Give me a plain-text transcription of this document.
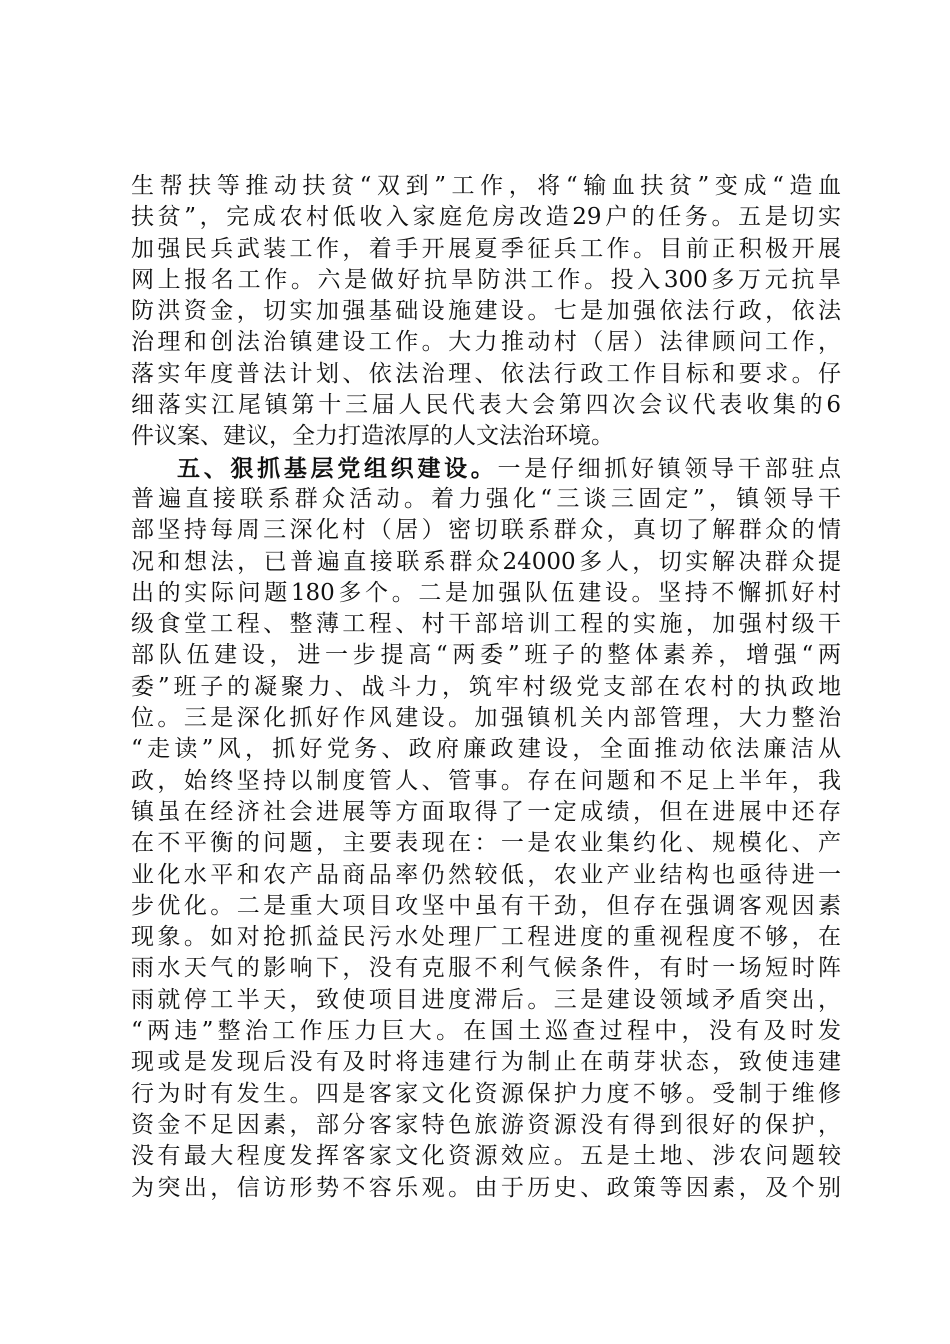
生帮扶等推动扶贫“双到”工作，将“输血扶贫”变成“造血
扶贫”，完成农村低收入家庭危房改造29户的任务。五是切实
加强民兵武装工作，着手开展夏季征兵工作。目前正积极开展
网上报名工作。六是做好抗旱防洪工作。投入300多万元抗旱
防洪资金，切实加强基础设施建设。七是加强依法行政，依法
治理和创法治镇建设工作。大力推动村（居）法律顾问工作，
落实年度普法计划、依法治理、依法行政工作目标和要求。仔
细落实江尾镇第十三届人民代表大会第四次会议代表收集的6
件议案、建议，全力打造浓厚的人文法治环境。
五、狠抓基层党组织建设。一是仔细抓好镇领导干部驻点
普遍直接联系群众活动。着力强化“三谈三固定”，镇领导干
部坚持每周三深化村（居）密切联系群众，真切了解群众的情
况和想法，已普遍直接联系群众24000多人，切实解决群众提
出的实际问题180多个。二是加强队伍建设。坚持不懈抓好村
级食堂工程、整薄工程、村干部培训工程的实施，加强村级干
部队伍建设，进一步提高“两委”班子的整体素养，增强“两
委”班子的凝聚力、战斗力，筑牢村级党支部在农村的执政地
位。三是深化抓好作风建设。加强镇机关内部管理，大力整治
“走读”风，抓好党务、政府廉政建设，全面推动依法廉洁从
政，始终坚持以制度管人、管事。存在问题和不足上半年，我
镇虽在经济社会进展等方面取得了一定成绩，但在进展中还存
在不平衡的问题，主要表现在：一是农业集约化、规模化、产
业化水平和农产品商品率仍然较低，农业产业结构也亟待进一
步优化。二是重大项目攻坚中虽有干劲，但存在强调客观因素
现象。如对抢抓益民污水处理厂工程进度的重视程度不够，在
雨水天气的影响下，没有克服不利气候条件，有时一场短时阵
雨就停工半天，致使项目进度滞后。三是建设领域矛盾突出，
“两违”整治工作压力巨大。在国土巡查过程中，没有及时发
现或是发现后没有及时将违建行为制止在萌芽状态，致使违建
行为时有发生。四是客家文化资源保护力度不够。受制于维修
资金不足因素，部分客家特色旅游资源没有得到很好的保护，
没有最大程度发挥客家文化资源效应。五是土地、涉农问题较
为突出，信访形势不容乐观。由于历史、政策等因素，及个别
